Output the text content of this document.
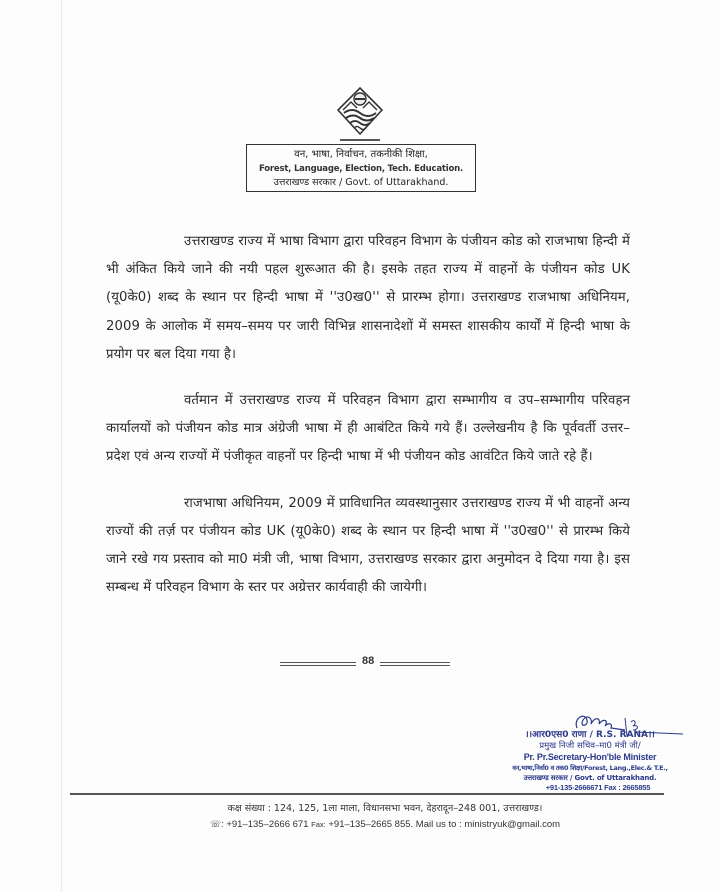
वन, भाषा, निर्वाचन, तकनीकी शिक्षा,
Forest, Language, Election, Tech. Education.
उत्तराखण्ड सरकार / Govt. of Uttarakhand.

उत्तराखण्ड राज्य में भाषा विभाग द्वारा परिवहन विभाग के पंजीयन कोड को राजभाषा हिन्दी में भी अंकित किये जाने की नयी पहल शुरूआत की है। इसके तहत राज्य में वाहनों के पंजीयन कोड UK (यू0के0) शब्द के स्थान पर हिन्दी भाषा में ''उ0ख0'' से प्रारम्भ होगा। उत्तराखण्ड राजभाषा अधिनियम, 2009 के आलोक में समय–समय पर जारी विभिन्न शासनादेशों में समस्त शासकीय कार्यों में हिन्दी भाषा के प्रयोग पर बल दिया गया है।

वर्तमान में उत्तराखण्ड राज्य में परिवहन विभाग द्वारा सम्भागीय व उप–सम्भागीय परिवहन कार्यालयों को पंजीयन कोड मात्र अंग्रेजी भाषा में ही आबंटित किये गये हैं। उल्लेखनीय है कि पूर्ववर्ती उत्तर–प्रदेश एवं अन्य राज्यों में पंजीकृत वाहनों पर हिन्दी भाषा में भी पंजीयन कोड आवंटित किये जाते रहे हैं।

राजभाषा अधिनियम, 2009 में प्राविधानित व्यवस्थानुसार उत्तराखण्ड राज्य में भी वाहनों अन्य राज्यों की तर्ज़ पर पंजीयन कोड UK (यू0के0) शब्द के स्थान पर हिन्दी भाषा में ''उ0ख0'' से प्रारम्भ किये जाने रखे गय प्रस्ताव को मा0 मंत्री जी, भाषा विभाग, उत्तराखण्ड सरकार द्वारा अनुमोदन दे दिया गया है। इस सम्बन्ध में परिवहन विभाग के स्तर पर अग्रेत्तर कार्यवाही की जायेगी।

88
।।आर0एस0 राणा / R.S. RANA।।
प्रमुख निजी सचिव–मा0 मंत्री जी/
Pr. Pr.Secretary-Hon'ble Minister
वन,भाषा,निर्वा0 व तक0 शिक्षा/Forest, Lang.,Elec.& T.E.,
उत्तराखण्ड सरकार / Govt. of Uttarakhand.
+91-135-2666671 Fax : 2665855
कक्ष संख्या : 124, 125, 1ला माला, विधानसभा भवन, देहरादून–248 001, उत्तराखण्ड।
☏: +91–135–2666 671 Fax: +91–135–2665 855. Mail us to : ministryuk@gmail.com
